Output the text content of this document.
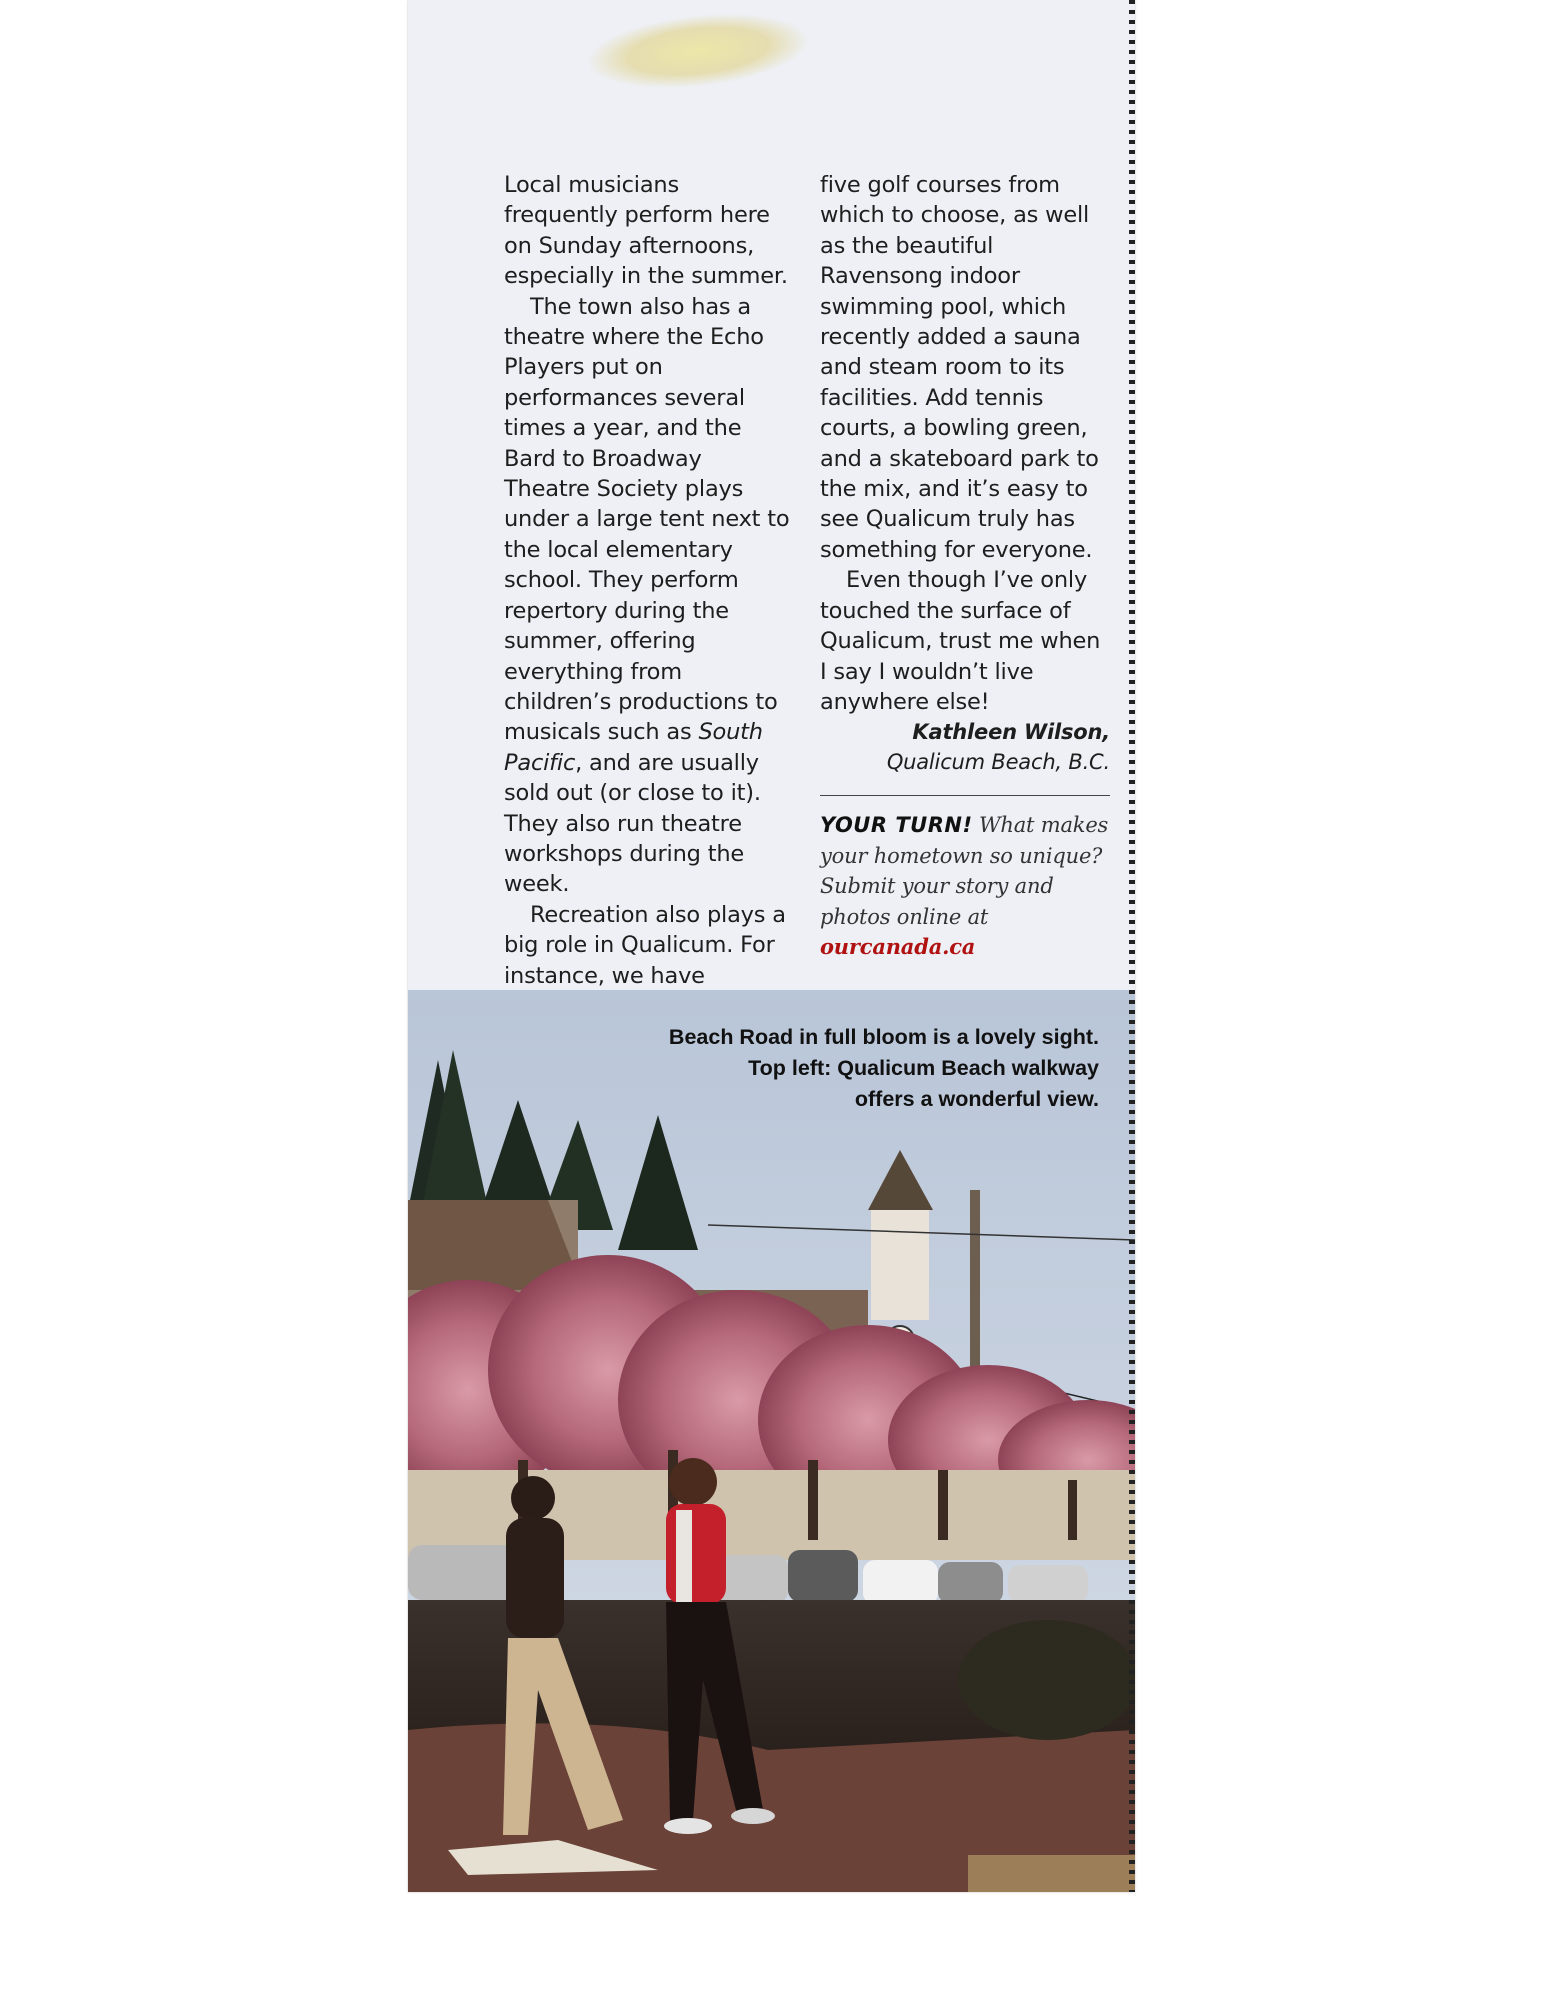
Local musicians frequently perform here on Sunday afternoons, especially in the summer.

The town also has a theatre where the Echo Players put on performances several times a year, and the Bard to Broadway Theatre Society plays under a large tent next to the local elementary school. They perform repertory during the summer, offering everything from children’s productions to musicals such as South Pacific, and are usually sold out (or close to it). They also run theatre workshops during the week.

Recreation also plays a big role in Qualicum. For instance, we have

five golf courses from which to choose, as well as the beautiful Ravensong indoor swimming pool, which recently added a sauna and steam room to its facilities. Add tennis courts, a bowling green, and a skateboard park to the mix, and it’s easy to see Qualicum truly has something for everyone.

Even though I’ve only touched the surface of Qualicum, trust me when I say I wouldn’t live anywhere else!

Kathleen Wilson,
Qualicum Beach, B.C.
YOUR TURN! What makes your hometown so unique? Submit your story and photos online at
ourcanada.ca
Beach Road in full bloom is a lovely sight.
Top left: Qualicum Beach walkway
offers a wonderful view.
